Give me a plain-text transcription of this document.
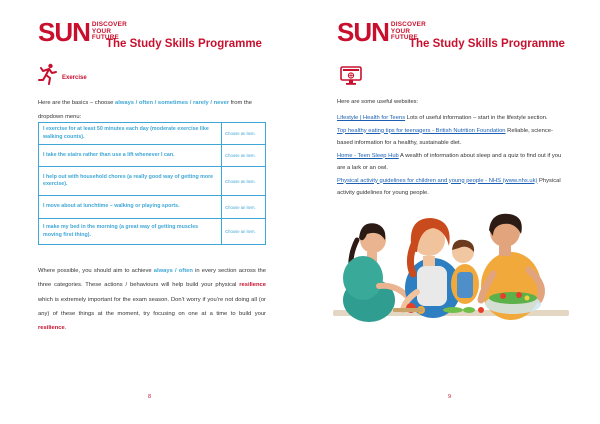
SUN DISCOVER
YOUR
FUTURE
The Study Skills Programme
Exercise
Here are the basics – choose always / often / sometimes / rarely / never from the dropdown menu:
I exercise for at least 50 minutes each day (moderate exercise like walking counts).	Choose an item.
I take the stairs rather than use a lift whenever I can.	Choose an item.
I help out with household chores (a really good way of getting more exercise).	Choose an item.
I move about at lunchtime – walking or playing sports.	Choose an item.
I make my bed in the morning (a great way of getting muscles moving first thing).	Choose an item.
Where possible, you should aim to achieve always / often in every section across the three categories. These actions / behaviours will help build your physical resilience which is extremely important for the exam season. Don’t worry if you’re not doing all (or any) of these things at the moment, try focusing on one at a time to build your resilience.
8
SUN DISCOVER
YOUR
FUTURE
The Study Skills Programme
9
Here are some useful websites:

Lifestyle | Health for Teens Lots of useful information – start in the lifestyle section.

Top healthy eating tips for teenagers - British Nutrition Foundation Reliable, science-based information for a healthy, sustainable diet.

Home - Teen Sleep Hub A wealth of information about sleep and a quiz to find out if you are a lark or an owl.

Physical activity guidelines for children and young people - NHS (www.nhs.uk) Physical activity guidelines for young people.
